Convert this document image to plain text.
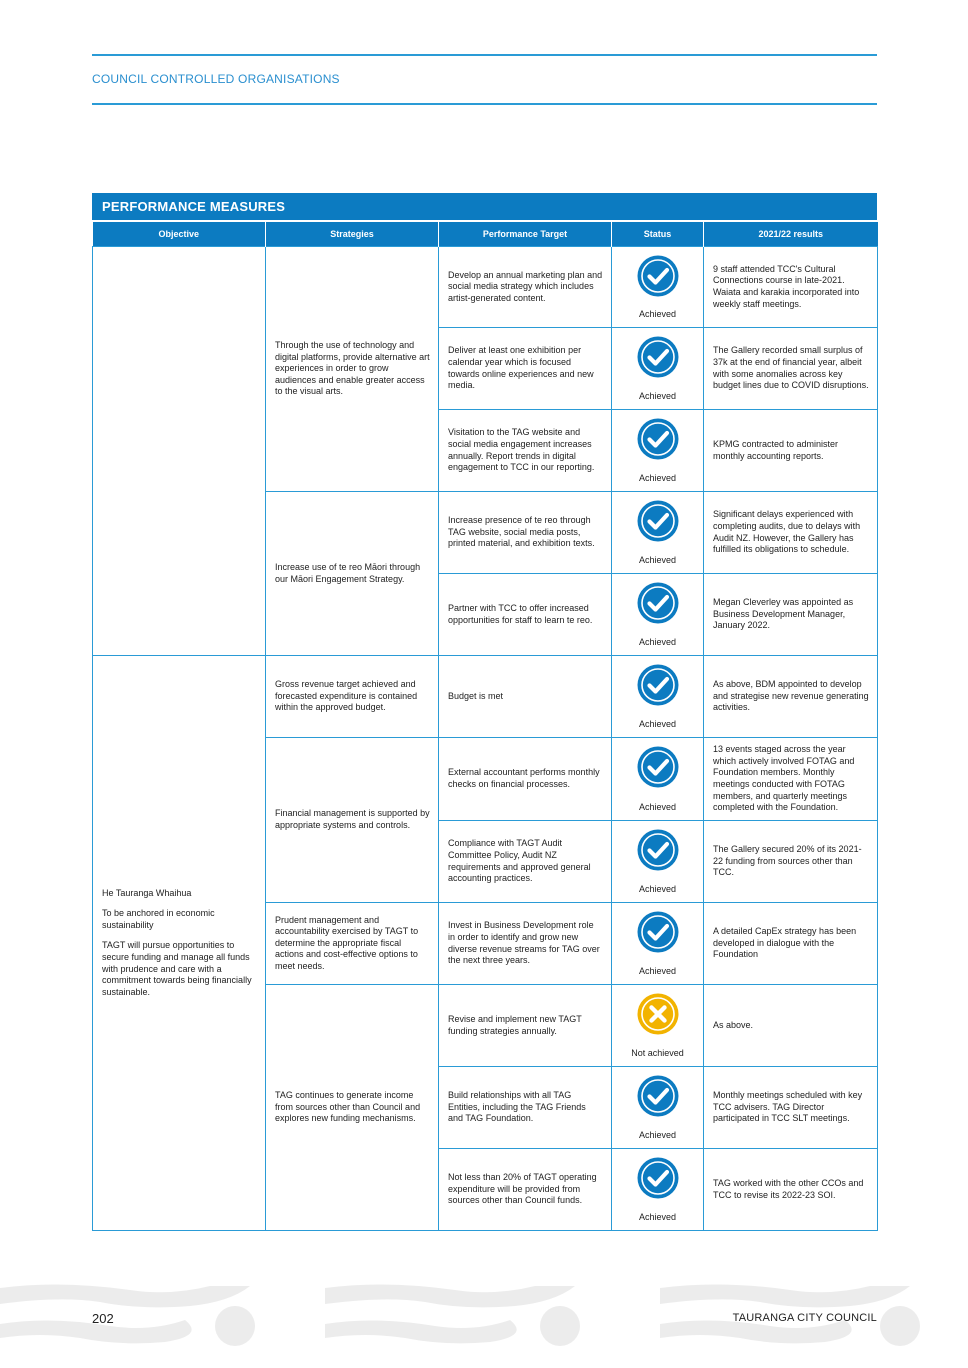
COUNCIL CONTROLLED ORGANISATIONS
PERFORMANCE MEASURES
Objective	Strategies	Performance Target	Status	2021/22 results
	Through the use of technology and digital platforms, provide alternative art experiences in order to grow audiences and enable greater access to the visual arts.	Develop an annual marketing plan and social media strategy which includes artist-generated content.	Achieved	9 staff attended TCC's Cultural Connections course in late-2021. Waiata and karakia incorporated into weekly staff meetings.
		Deliver at least one exhibition per calendar year which is focused towards online experiences and new media.	Achieved	The Gallery recorded small surplus of 37k at the end of financial year, albeit with some anomalies across key budget lines due to COVID disruptions.
		Visitation to the TAG website and social media engagement increases annually. Report trends in digital engagement to TCC in our reporting.	Achieved	KPMG contracted to administer monthly accounting reports.
	Increase use of te reo Māori through our Māori Engagement Strategy.	Increase presence of te reo through TAG website, social media posts, printed material, and exhibition texts.	Achieved	Significant delays experienced with completing audits, due to delays with Audit NZ. However, the Gallery has fulfilled its obligations to schedule.
		Partner with TCC to offer increased opportunities for staff to learn te reo.	Achieved	Megan Cleverley was appointed as Business Development Manager, January 2022.

He Tauranga Whaihua

To be anchored in economic sustainability

TAGT will pursue opportunities to secure funding and manage all funds with prudence and care with a commitment towards being financially sustainable.	Gross revenue target achieved and forecasted expenditure is contained within the approved budget.	Budget is met	Achieved	As above, BDM appointed to develop and strategise new revenue generating activities.
	Financial management is supported by appropriate systems and controls.	External accountant performs monthly checks on financial processes.	Achieved	13 events staged across the year which actively involved FOTAG and Foundation members. Monthly meetings conducted with FOTAG members, and quarterly meetings completed with the Foundation.
		Compliance with TAGT Audit Committee Policy, Audit NZ requirements and approved general accounting practices.	Achieved	The Gallery secured 20% of its 2021-22 funding from sources other than TCC.
	Prudent management and accountability exercised by TAGT to determine the appropriate fiscal actions and cost-effective options to meet needs.	Invest in Business Development role in order to identify and grow new diverse revenue streams for TAG over the next three years.	Achieved	A detailed CapEx strategy has been developed in dialogue with the Foundation
	TAG continues to generate income from sources other than Council and explores new funding mechanisms.	Revise and implement new TAGT funding strategies annually.	Not achieved	As above.
		Build relationships with all TAG Entities, including the TAG Friends and TAG Foundation.	Achieved	Monthly meetings scheduled with key TCC advisers. TAG Director participated in TCC SLT meetings.
		Not less than 20% of TAGT operating expenditure will be provided from sources other than Council funds.	Achieved	TAG worked with the other CCOs and TCC to revise its 2022-23 SOI.
202	TAURANGA CITY COUNCIL
